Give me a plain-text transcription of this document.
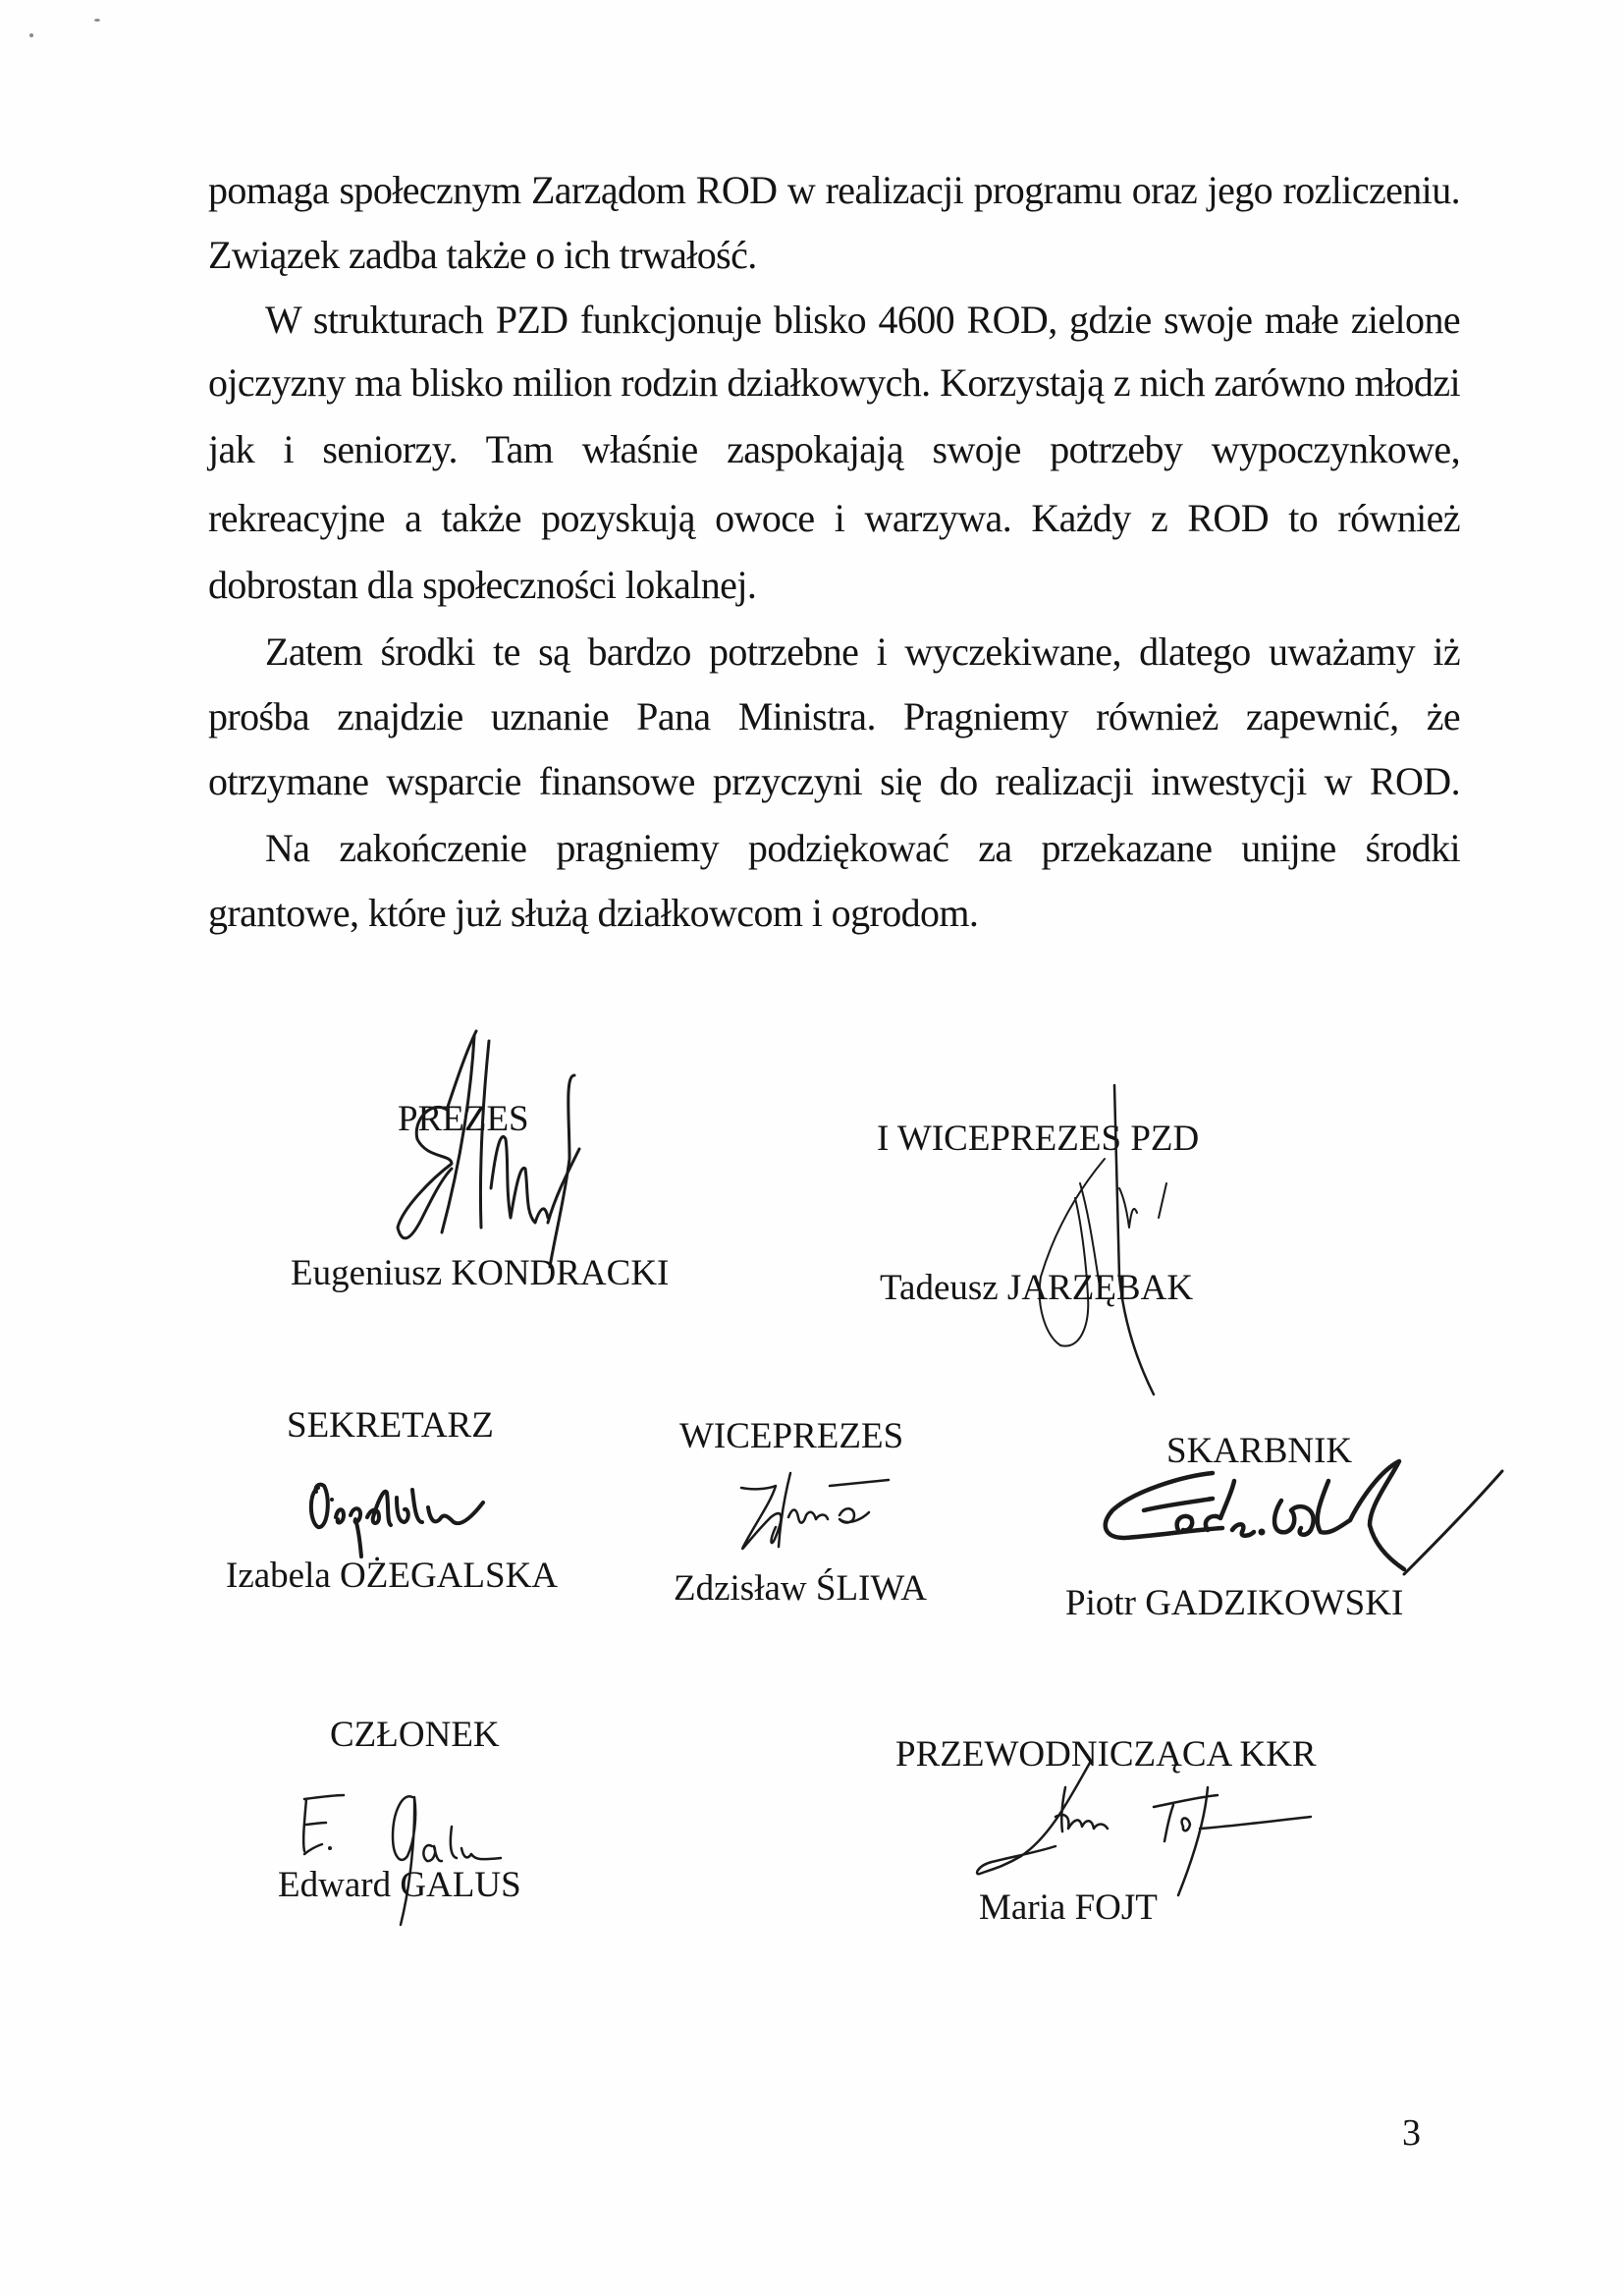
pomaga społecznym Zarządom ROD w realizacji programu oraz jego rozliczeniu.
Związek zadba także o ich trwałość.
W strukturach PZD funkcjonuje blisko 4600 ROD, gdzie swoje małe zielone
ojczyzny ma blisko milion rodzin działkowych. Korzystają z nich zarówno młodzi
jak i seniorzy. Tam właśnie zaspokajają swoje potrzeby wypoczynkowe,
rekreacyjne a także pozyskują owoce i warzywa. Każdy z ROD to również
dobrostan dla społeczności lokalnej.
Zatem środki te są bardzo potrzebne i wyczekiwane, dlatego uważamy iż
prośba znajdzie uznanie Pana Ministra. Pragniemy również zapewnić, że
otrzymane wsparcie finansowe przyczyni się do realizacji inwestycji w ROD.
Na zakończenie pragniemy podziękować za przekazane unijne środki
grantowe, które już służą działkowcom i ogrodom.
PREZES
Eugeniusz KONDRACKI
I WICEPREZES PZD
Tadeusz JARZĘBAK
SEKRETARZ
Izabela OŻEGALSKA
WICEPREZES
Zdzisław ŚLIWA
SKARBNIK
Piotr GADZIKOWSKI
CZŁONEK
Edward GALUS
PRZEWODNICZĄCA KKR
Maria FOJT
3
